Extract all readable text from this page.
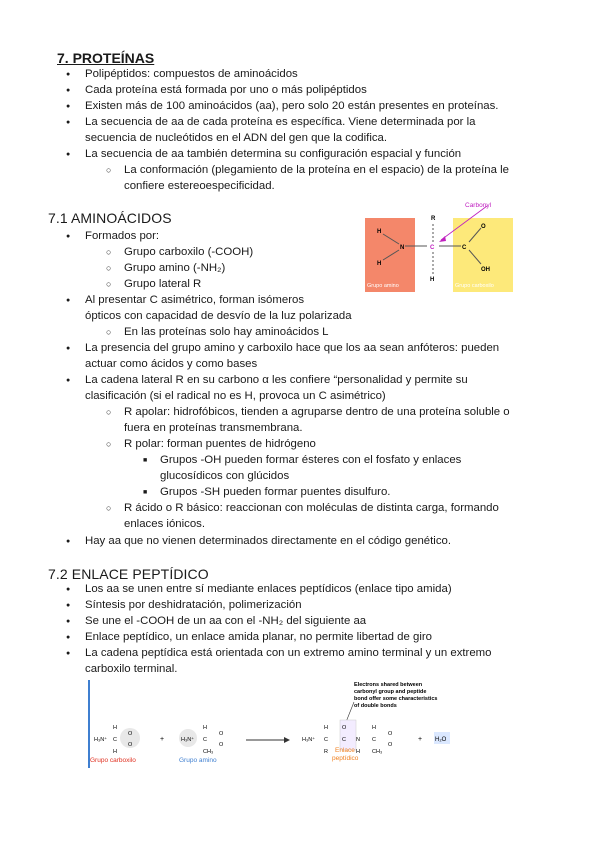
7. PROTEÍNAS
● Polipéptidos: compuestos de aminoácidos
● Cada proteína está formada por uno o más polipéptidos
● Existen más de 100 aminoácidos (aa), pero solo 20 están presentes en proteínas.
● La secuencia de aa de cada proteína es específica. Viene determinada por la
secuencia de nucleótidos en el ADN del gen que la codifica.
● La secuencia de aa también determina su configuración espacial y función
○ La conformación (plegamiento de la proteína en el espacio) de la proteína le
confiere estereoespecificidad.
7.1 AMINOÁCIDOS
● Formados por:
○ Grupo carboxilo (-COOH)
○ Grupo amino (-NH₂)
○ Grupo lateral R
● Al presentar C asimétrico, forman isómeros
ópticos con capacidad de desvío de la luz polarizada
○ En las proteínas solo hay aminoácidos L
● La presencia del grupo amino y carboxilo hace que los aa sean anfóteros: pueden
actuar como ácidos y como bases
● La cadena lateral R en su carbono α les confiere “personalidad y permite su
clasificación (si el radical no es H, provoca un C asimétrico)
○ R apolar: hidrofóbicos, tienden a agruparse dentro de una proteína soluble o
fuera en proteínas transmembrana.
○ R polar: forman puentes de hidrógeno
■ Grupos -OH pueden formar ésteres con el fosfato y enlaces
glucosídicos con glúcidos
■ Grupos -SH pueden formar puentes disulfuro.
○ R ácido o R básico: reaccionan con moléculas de distinta carga, formando
enlaces iónicos.
● Hay aa que no vienen determinados directamente en el código genético.
Carbonyl
H
N
H
R
C
H
C
O
OH
Grupo amino	Grupo carboxilo
7.2 ENLACE PEPTÍDICO
● Los aa se unen entre sí mediante enlaces peptídicos (enlace tipo amida)
● Síntesis por deshidratación, polimerización
● Se une el -COOH de un aa con el -NH₂ del siguiente aa
● Enlace peptídico, un enlace amida planar, no permite libertad de giro
● La cadena peptídica está orientada con un extremo amino terminal y un extremo
carboxilo terminal.
H₃N⁺
H
C
H
O
O
+	H₃N⁺
H
C
CH₃
O
O
Grupo carboxilo	Grupo amino
Electrons shared between
carbonyl group and peptide
bond offer some characteristics
of double bonds
H₃N⁺
H
C
R
O
C N
H
H
C
CH₃
O
O
Enlace
peptídico
+ H₂O
